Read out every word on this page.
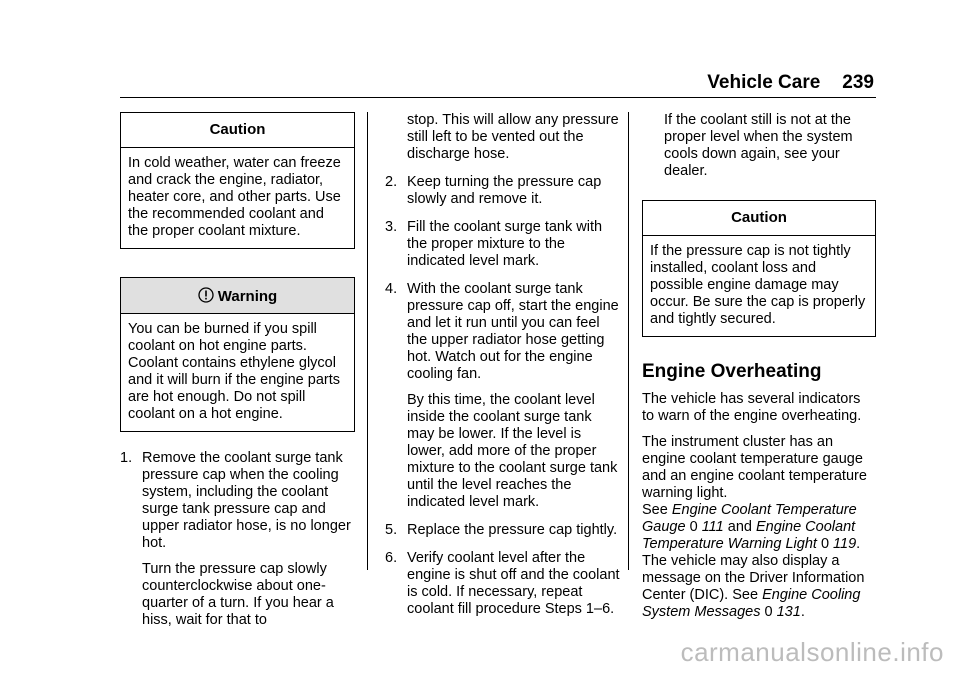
Vehicle Care 239
Caution
In cold weather, water can freeze and crack the engine, radiator, heater core, and other parts. Use the recommended coolant and the proper coolant mixture.
Warning
You can be burned if you spill coolant on hot engine parts. Coolant contains ethylene glycol and it will burn if the engine parts are hot enough. Do not spill coolant on a hot engine.
1. Remove the coolant surge tank pressure cap when the cooling system, including the coolant surge tank pressure cap and upper radiator hose, is no longer hot.

Turn the pressure cap slowly counterclockwise about one-quarter of a turn. If you hear a hiss, wait for that to

stop. This will allow any pressure still left to be vented out the discharge hose.

2. Keep turning the pressure cap slowly and remove it.

3. Fill the coolant surge tank with the proper mixture to the indicated level mark.

4. With the coolant surge tank pressure cap off, start the engine and let it run until you can feel the upper radiator hose getting hot. Watch out for the engine cooling fan.

By this time, the coolant level inside the coolant surge tank may be lower. If the level is lower, add more of the proper mixture to the coolant surge tank until the level reaches the indicated level mark.
5. Replace the pressure cap tightly.

6. Verify coolant level after the engine is shut off and the coolant is cold. If necessary, repeat coolant fill procedure Steps 1–6.

If the coolant still is not at the proper level when the system cools down again, see your dealer.

Caution
If the pressure cap is not tightly installed, coolant loss and possible engine damage may occur. Be sure the cap is properly and tightly secured.
Engine Overheating

The vehicle has several indicators to warn of the engine overheating.

The instrument cluster has an engine coolant temperature gauge and an engine coolant temperature warning light.
See Engine Coolant Temperature Gauge 0 111 and Engine Coolant Temperature Warning Light 0 119. The vehicle may also display a message on the Driver Information Center (DIC). See Engine Cooling System Messages 0 131.

carmanualsonline.info
